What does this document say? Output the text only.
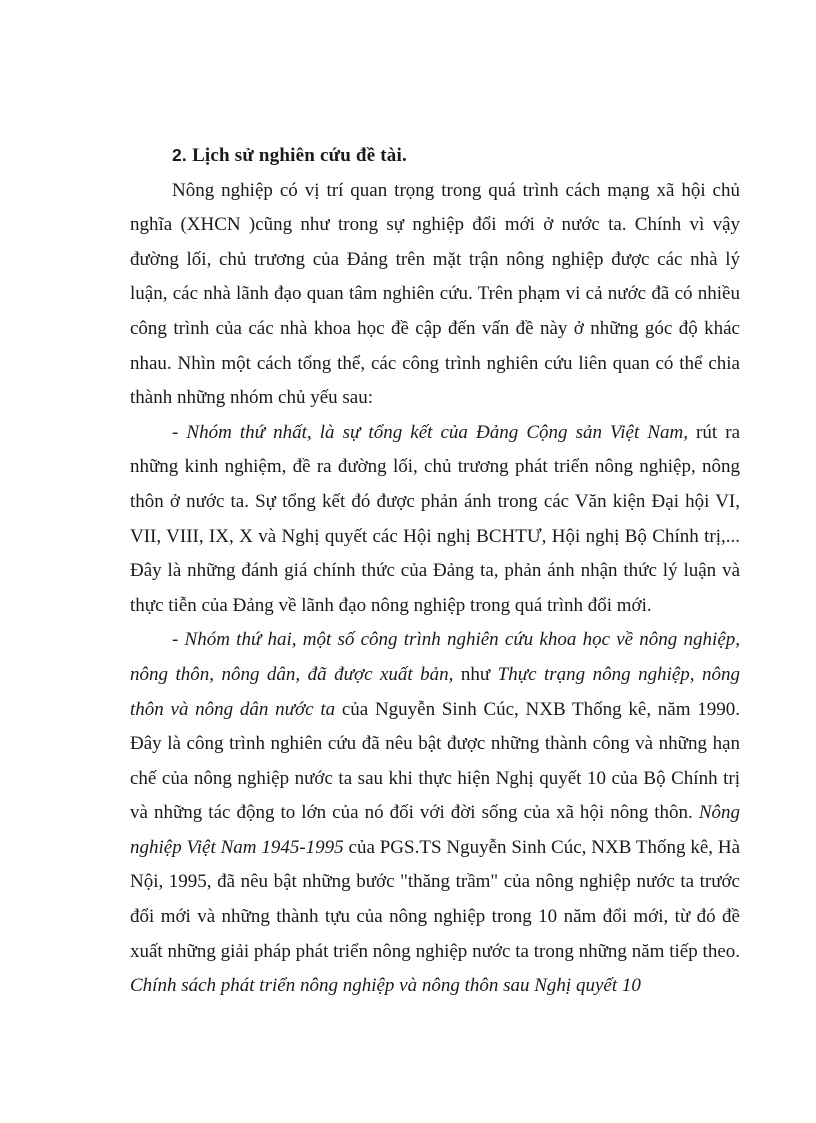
2. Lịch sử nghiên cứu đề tài.

Nông nghiệp có vị trí quan trọng trong quá trình cách mạng xã hội chủ nghĩa (XHCN )cũng như trong sự nghiệp đổi mới ở nước ta. Chính vì vậy đường lối, chủ trương của Đảng trên mặt trận nông nghiệp được các nhà lý luận, các nhà lãnh đạo quan tâm nghiên cứu. Trên phạm vi cả nước đã có nhiều công trình của các nhà khoa học đề cập đến vấn đề này ở những góc độ khác nhau. Nhìn một cách tổng thể, các công trình nghiên cứu liên quan có thể chia thành những nhóm chủ yếu sau:

- Nhóm thứ nhất, là sự tổng kết của Đảng Cộng sản Việt Nam, rút ra những kinh nghiệm, đề ra đường lối, chủ trương phát triển nông nghiệp, nông thôn ở nước ta. Sự tổng kết đó được phản ánh trong các Văn kiện Đại hội VI, VII, VIII, IX, X và Nghị quyết các Hội nghị BCHTƯ, Hội nghị Bộ Chính trị,... Đây là những đánh giá chính thức của Đảng ta, phản ánh nhận thức lý luận và thực tiễn của Đảng về lãnh đạo nông nghiệp trong quá trình đổi mới.

- Nhóm thứ hai, một số công trình nghiên cứu khoa học về nông nghiệp, nông thôn, nông dân, đã được xuất bản, như Thực trạng nông nghiệp, nông thôn và nông dân nước ta của Nguyễn Sinh Cúc, NXB Thống kê, năm 1990. Đây là công trình nghiên cứu đã nêu bật được những thành công và những hạn chế của nông nghiệp nước ta sau khi thực hiện Nghị quyết 10 của Bộ Chính trị và những tác động to lớn của nó đối với đời sống của xã hội nông thôn. Nông nghiệp Việt Nam 1945-1995 của PGS.TS Nguyễn Sinh Cúc, NXB Thống kê, Hà Nội, 1995, đã nêu bật những bước "thăng trầm" của nông nghiệp nước ta trước đổi mới và những thành tựu của nông nghiệp trong 10 năm đổi mới, từ đó đề xuất những giải pháp phát triển nông nghiệp nước ta trong những năm tiếp theo. Chính sách phát triển nông nghiệp và nông thôn sau Nghị quyết 10
